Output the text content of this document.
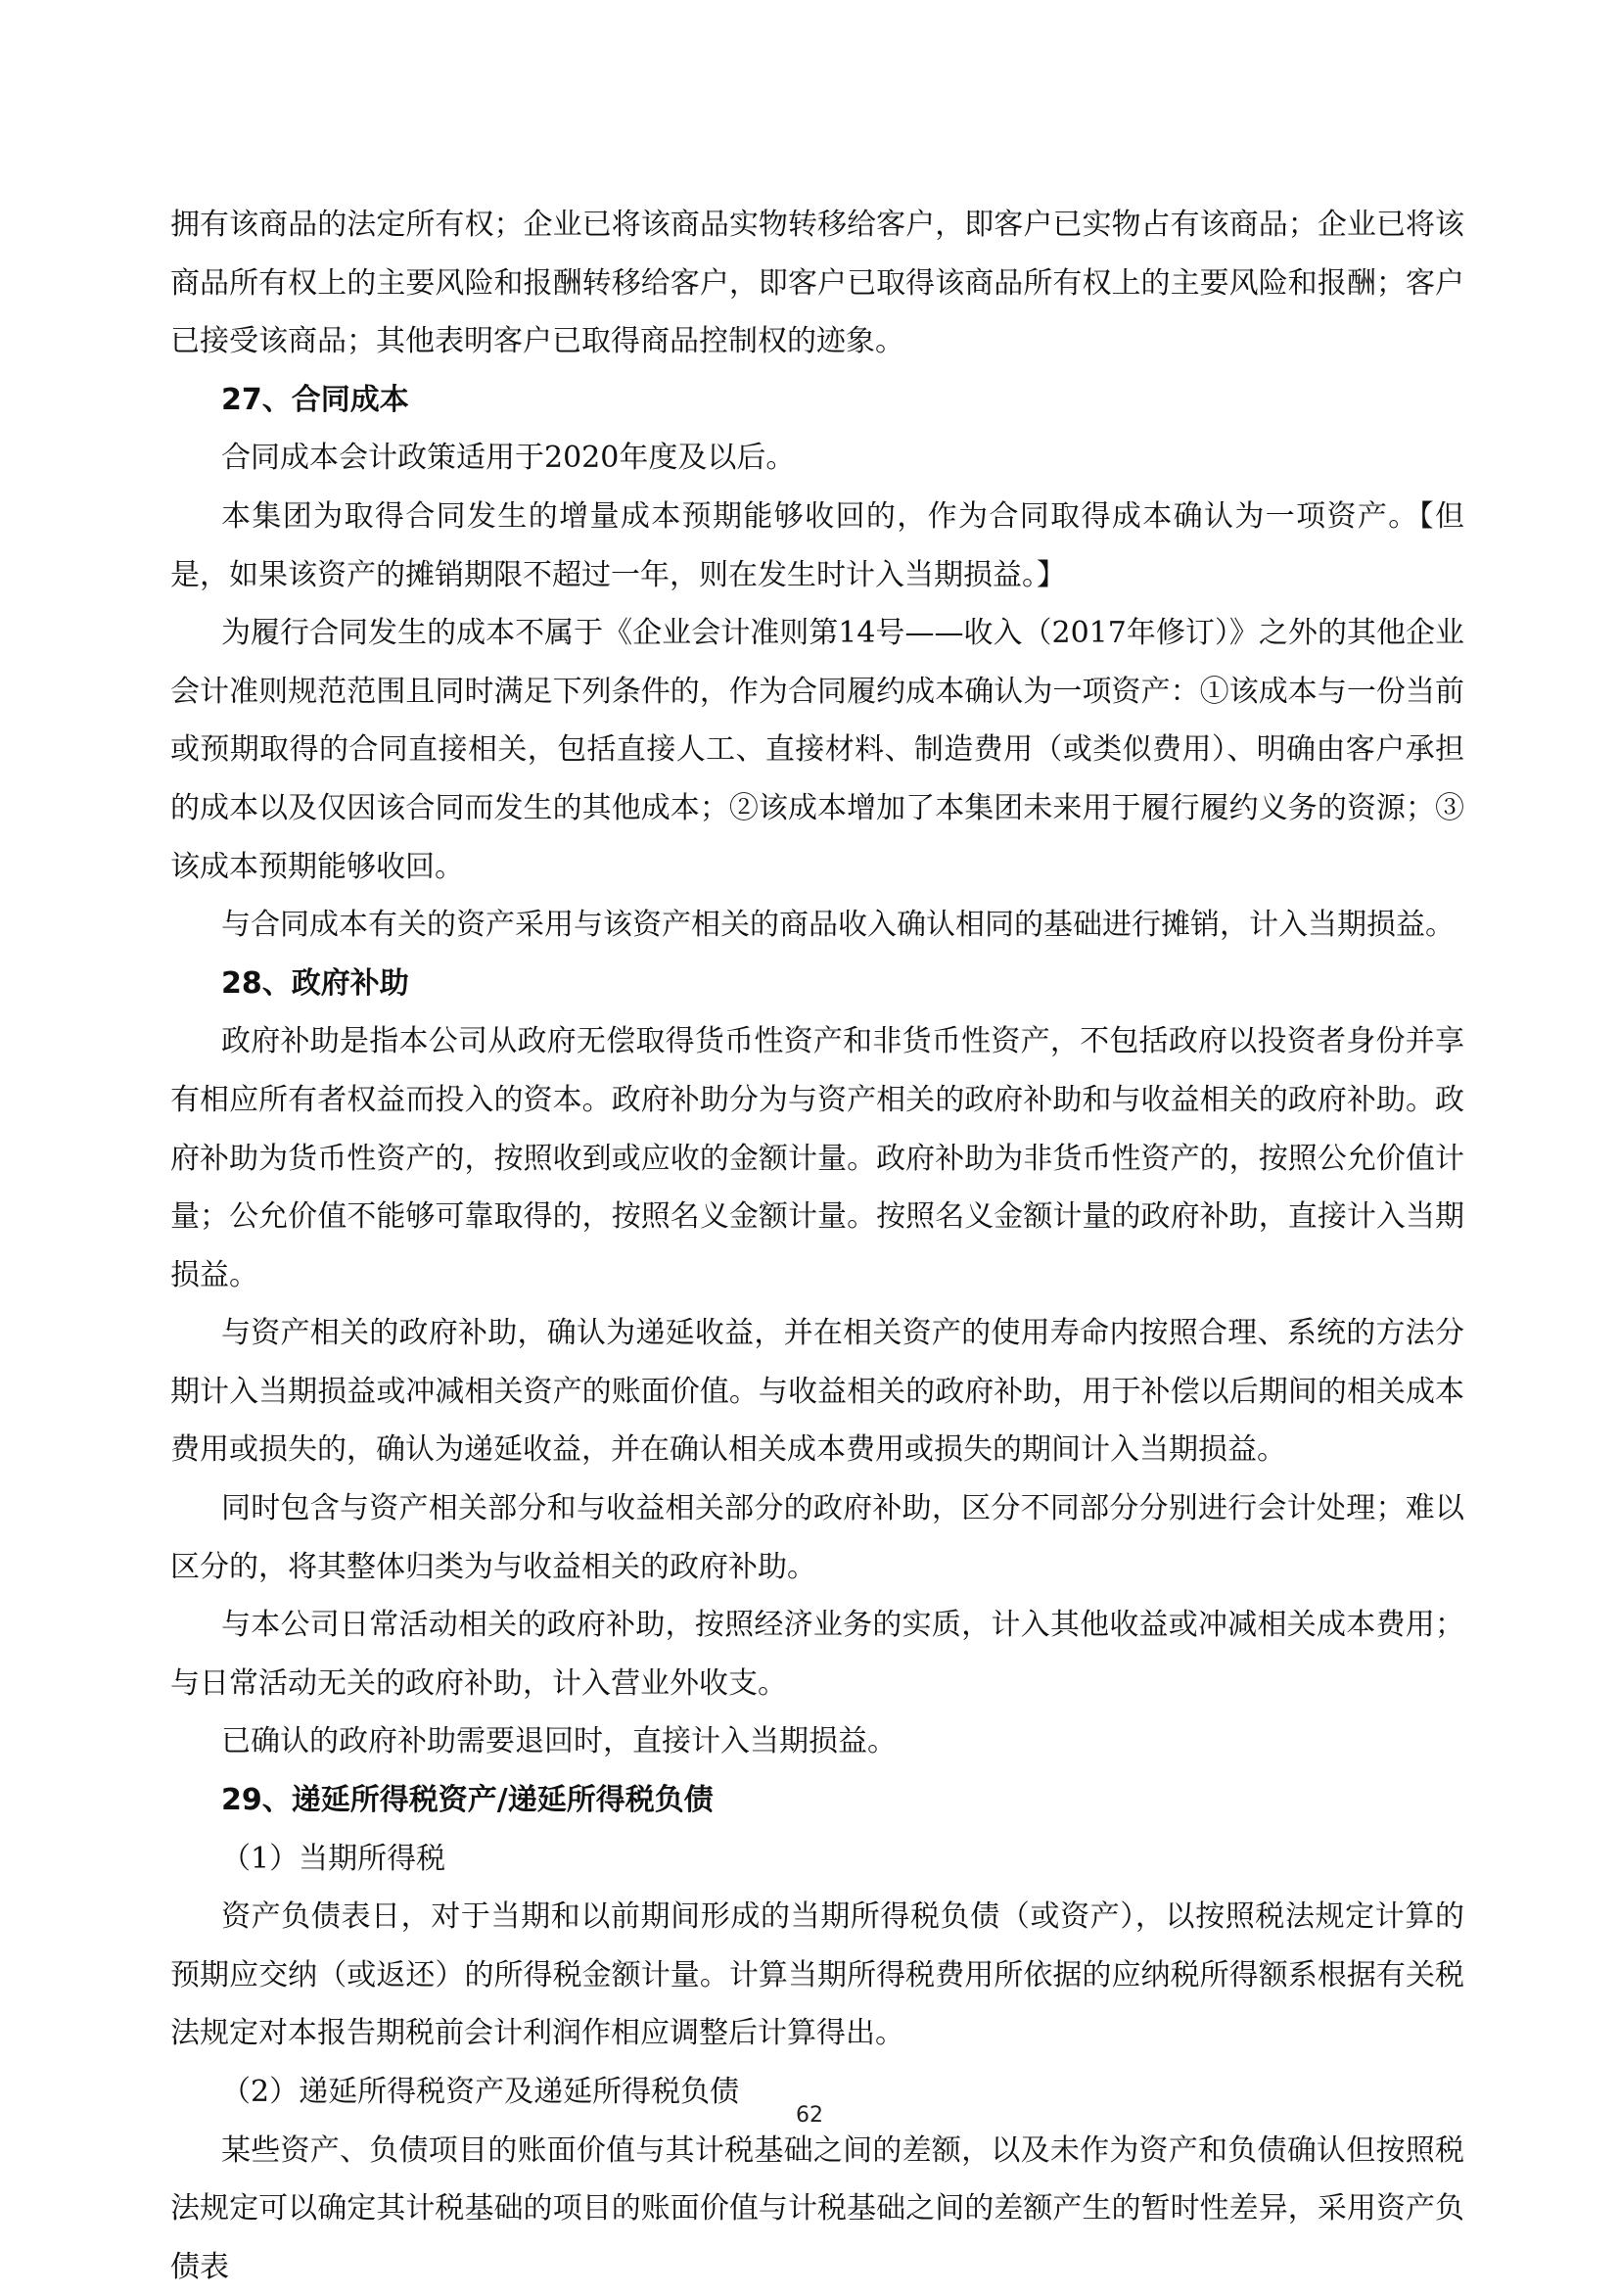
拥有该商品的法定所有权；企业已将该商品实物转移给客户，即客户已实物占有该商品；企业已将该商品所有权上的主要风险和报酬转移给客户，即客户已取得该商品所有权上的主要风险和报酬；客户已接受该商品；其他表明客户已取得商品控制权的迹象。

27、合同成本

合同成本会计政策适用于2020年度及以后。

本集团为取得合同发生的增量成本预期能够收回的，作为合同取得成本确认为一项资产。【但是，如果该资产的摊销期限不超过一年，则在发生时计入当期损益。】

为履行合同发生的成本不属于《企业会计准则第14号——收入（2017年修订）》之外的其他企业会计准则规范范围且同时满足下列条件的，作为合同履约成本确认为一项资产：①该成本与一份当前或预期取得的合同直接相关，包括直接人工、直接材料、制造费用（或类似费用）、明确由客户承担的成本以及仅因该合同而发生的其他成本；②该成本增加了本集团未来用于履行履约义务的资源；③该成本预期能够收回。

与合同成本有关的资产采用与该资产相关的商品收入确认相同的基础进行摊销，计入当期损益。

28、政府补助

政府补助是指本公司从政府无偿取得货币性资产和非货币性资产，不包括政府以投资者身份并享有相应所有者权益而投入的资本。政府补助分为与资产相关的政府补助和与收益相关的政府补助。政府补助为货币性资产的，按照收到或应收的金额计量。政府补助为非货币性资产的，按照公允价值计量；公允价值不能够可靠取得的，按照名义金额计量。按照名义金额计量的政府补助，直接计入当期损益。

与资产相关的政府补助，确认为递延收益，并在相关资产的使用寿命内按照合理、系统的方法分期计入当期损益或冲减相关资产的账面价值。与收益相关的政府补助，用于补偿以后期间的相关成本费用或损失的，确认为递延收益，并在确认相关成本费用或损失的期间计入当期损益。

同时包含与资产相关部分和与收益相关部分的政府补助，区分不同部分分别进行会计处理；难以区分的，将其整体归类为与收益相关的政府补助。

与本公司日常活动相关的政府补助，按照经济业务的实质，计入其他收益或冲减相关成本费用；与日常活动无关的政府补助，计入营业外收支。

已确认的政府补助需要退回时，直接计入当期损益。

29、递延所得税资产/递延所得税负债

（1）当期所得税

资产负债表日，对于当期和以前期间形成的当期所得税负债（或资产），以按照税法规定计算的预期应交纳（或返还）的所得税金额计量。计算当期所得税费用所依据的应纳税所得额系根据有关税法规定对本报告期税前会计利润作相应调整后计算得出。

（2）递延所得税资产及递延所得税负债

某些资产、负债项目的账面价值与其计税基础之间的差额，以及未作为资产和负债确认但按照税法规定可以确定其计税基础的项目的账面价值与计税基础之间的差额产生的暂时性差异，采用资产负债表

62
